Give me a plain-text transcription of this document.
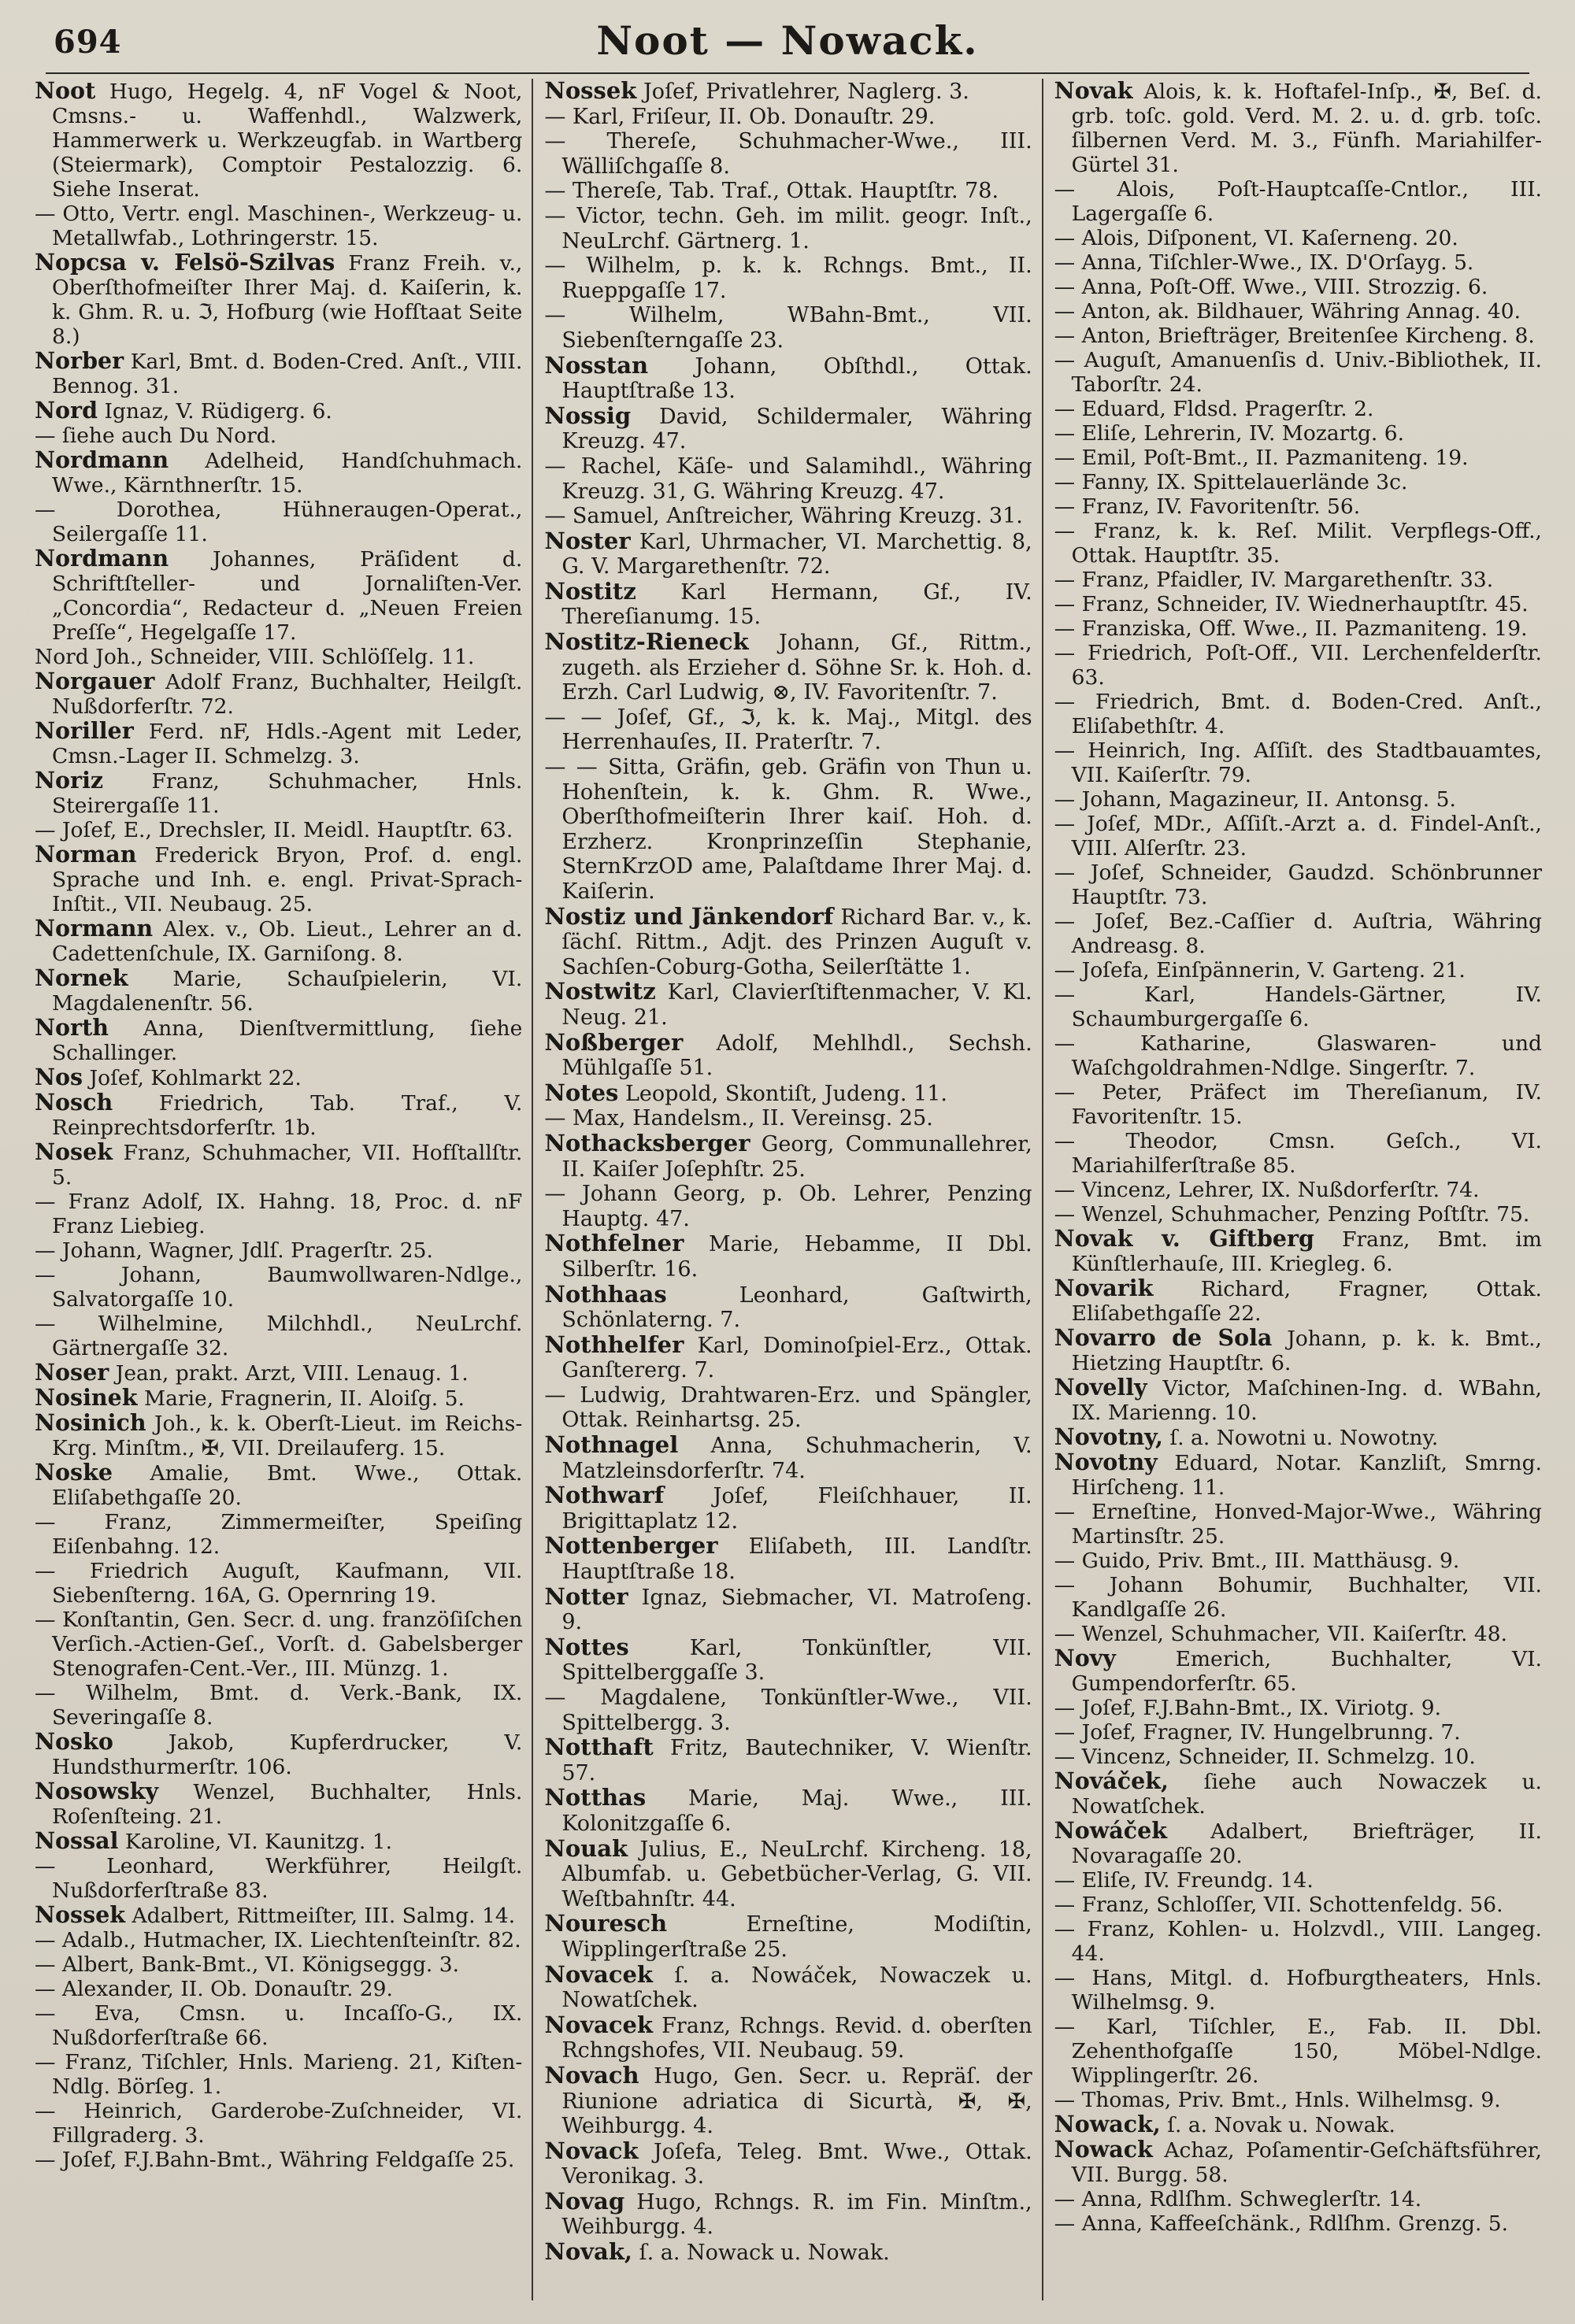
694	Noot — Nowack.

Noot Hugo, Hegelg. 4, nF Vogel & Noot, Cmsns.- u. Waffenhdl., Walzwerk, Hammerwerk u. Werkzeugfab. in Wartberg (Steiermark), Comptoir Pestalozzig. 6. Siehe Inserat.

— Otto, Vertr. engl. Maschinen-, Werkzeug- u. Metallwfab., Lothringerstr. 15.

Nopcsa v. Felsö-Szilvas Franz Freih. v., Oberſthofmeiſter Ihrer Maj. d. Kaiſerin, k. k. Ghm. R. u. ℑ, Hofburg (wie Hofſtaat Seite 8.)

Norber Karl, Bmt. d. Boden-Cred. Anſt., VIII. Bennog. 31.

Nord Ignaz, V. Rüdigerg. 6.

— ſiehe auch Du Nord.

Nordmann Adelheid, Handſchuhmach. Wwe., Kärnthnerſtr. 15.

— Dorothea, Hühneraugen-Operat., Seilergaſſe 11.

Nordmann Johannes, Präſident d. Schriftſteller- und Jornaliſten-Ver. „Concordia“, Redacteur d. „Neuen Freien Preſſe“, Hegelgaſſe 17.

Nord Joh., Schneider, VIII. Schlöſſelg. 11.

Norgauer Adolf Franz, Buchhalter, Heilgſt. Nußdorferſtr. 72.

Noriller Ferd. nF, Hdls.-Agent mit Leder, Cmsn.-Lager II. Schmelzg. 3.

Noriz Franz, Schuhmacher, Hnls. Steirergaſſe 11.

— Joſef, E., Drechsler, II. Meidl. Hauptſtr. 63.

Norman Frederick Bryon, Prof. d. engl. Sprache und Inh. e. engl. Privat-Sprach-Inſtit., VII. Neubaug. 25.

Normann Alex. v., Ob. Lieut., Lehrer an d. Cadettenſchule, IX. Garniſong. 8.

Nornek Marie, Schauſpielerin, VI. Magdalenenſtr. 56.

North Anna, Dienſtvermittlung, ſiehe Schallinger.

Nos Joſef, Kohlmarkt 22.

Nosch Friedrich, Tab. Traf., V. Reinprechtsdorferſtr. 1b.

Nosek Franz, Schuhmacher, VII. Hofſtallſtr. 5.

— Franz Adolf, IX. Hahng. 18, Proc. d. nF Franz Liebieg.

— Johann, Wagner, Jdlſ. Pragerſtr. 25.

— Johann, Baumwollwaren-Ndlge., Salvatorgaſſe 10.

— Wilhelmine, Milchhdl., NeuLrchf. Gärtnergaſſe 32.

Noser Jean, prakt. Arzt, VIII. Lenaug. 1.

Nosinek Marie, Fragnerin, II. Aloiſg. 5.

Nosinich Joh., k. k. Oberſt-Lieut. im Reichs-Krg. Minſtm., ✠, VII. Dreilauferg. 15.

Noske Amalie, Bmt. Wwe., Ottak. Eliſabethgaſſe 20.

— Franz, Zimmermeiſter, Speiſing Eiſenbahng. 12.

— Friedrich Auguſt, Kaufmann, VII. Siebenſterng. 16A, G. Opernring 19.

— Konſtantin, Gen. Secr. d. ung. franzöſiſchen Verſich.-Actien-Geſ., Vorſt. d. Gabelsberger Stenografen-Cent.-Ver., III. Münzg. 1.

— Wilhelm, Bmt. d. Verk.-Bank, IX. Severingaſſe 8.

Nosko	Jakob, Kupferdrucker, V. Hundsthurmerſtr. 106.

Nosowsky Wenzel, Buchhalter, Hnls. Roſenſteing. 21.

Nossal Karoline, VI. Kaunitzg. 1.

— Leonhard, Werkführer, Heilgſt. Nußdorferſtraße 83.

Nossek Adalbert, Rittmeiſter, III. Salmg. 14.

— Adalb., Hutmacher, IX. Liechtenſteinſtr. 82.

— Albert, Bank-Bmt., VI. Königseggg. 3.

— Alexander, II. Ob. Donauſtr. 29.

— Eva, Cmsn. u. Incaſſo-G., IX. Nußdorferſtraße 66.

— Franz, Tiſchler, Hnls. Marieng. 21, Kiſten-Ndlg. Börſeg. 1.

— Heinrich, Garderobe-Zuſchneider, VI. Fillgraderg. 3.

— Joſef, F.J.Bahn-Bmt., Währing Feldgaſſe 25.

Nossek Joſef, Privatlehrer, Naglerg. 3.

— Karl, Friſeur, II. Ob. Donauſtr. 29.

— Thereſe, Schuhmacher-Wwe., III. Wälliſchgaſſe 8.

— Thereſe, Tab. Traf., Ottak. Hauptſtr. 78.

— Victor, techn. Geh. im milit. geogr. Inſt., NeuLrchf. Gärtnerg. 1.

— Wilhelm, p. k. k. Rchngs. Bmt., II. Rueppgaſſe 17.

— Wilhelm, WBahn-Bmt., VII. Siebenſterngaſſe 23.

Nosstan Johann, Obſthdl., Ottak. Hauptſtraße 13.

Nossig David, Schildermaler, Währing Kreuzg. 47.

— Rachel, Käſe- und Salamihdl., Währing Kreuzg. 31, G. Währing Kreuzg. 47.

— Samuel, Anſtreicher, Währing Kreuzg. 31.

Noster Karl, Uhrmacher, VI. Marchettig. 8, G. V. Margarethenſtr. 72.

Nostitz Karl Hermann, Gf., IV. Thereſianumg. 15.

Nostitz-Rieneck Johann, Gf., Rittm., zugeth. als Erzieher d. Söhne Sr. k. Hoh. d. Erzh. Carl Ludwig, ⊗, IV. Favoritenſtr. 7.

— — Joſef, Gf., ℑ, k. k. Maj., Mitgl. des Herrenhauſes, II. Praterſtr. 7.

— — Sitta, Gräfin, geb. Gräfin von Thun u. Hohenſtein, k. k. Ghm. R. Wwe., Oberſthofmeiſterin Ihrer kaiſ. Hoh. d. Erzherz. Kronprinzeſſin Stephanie, SternKrzOD ame, Palaſtdame Ihrer Maj. d. Kaiſerin.

Nostiz und Jänkendorf Richard Bar. v., k. ſächſ. Rittm., Adjt. des Prinzen Auguſt v. Sachſen-Coburg-Gotha, Seilerſtätte 1.

Nostwitz Karl, Clavierſtiftenmacher, V. Kl. Neug. 21.

Noßberger Adolf, Mehlhdl., Sechsh. Mühlgaſſe 51.

Notes Leopold, Skontiſt, Judeng. 11.

— Max, Handelsm., II. Vereinsg. 25.

Nothacksberger Georg, Communallehrer, II. Kaiſer Joſephſtr. 25.

— Johann Georg, p. Ob. Lehrer, Penzing Hauptg. 47.

Nothfelner Marie, Hebamme, II Dbl. Silberſtr. 16.

Nothhaas	Leonhard, Gaſtwirth, Schönlaterng. 7.

Nothhelfer Karl, Dominoſpiel-Erz., Ottak. Ganſtererg. 7.

— Ludwig, Drahtwaren-Erz. und Spängler, Ottak. Reinhartsg. 25.

Nothnagel Anna, Schuhmacherin, V. Matzleinsdorferſtr. 74.

Nothwarf Joſef, Fleiſchhauer, II. Brigittaplatz 12.

Nottenberger Eliſabeth, III. Landſtr. Hauptſtraße 18.

Notter Ignaz, Siebmacher, VI. Matroſeng. 9.

Nottes	Karl, Tonkünſtler, VII. Spittelberggaſſe 3.

— Magdalene, Tonkünſtler-Wwe., VII. Spittelbergg. 3.

Notthaft Fritz, Bautechniker, V. Wienſtr. 57.

Notthas Marie, Maj. Wwe., III. Kolonitzgaſſe 6.

Nouak Julius, E., NeuLrchf. Kircheng. 18, Albumfab. u. Gebetbücher-Verlag, G. VII. Weſtbahnſtr. 44.

Nouresch	Erneſtine, Modiſtin, Wipplingerſtraße 25.

Novacek ſ. a. Nowáček, Nowaczek u. Nowatſchek.

Novacek Franz, Rchngs. Revid. d. oberſten Rchngshofes, VII. Neubaug. 59.

Novach Hugo, Gen. Secr. u. Repräſ. der Riunione adriatica di Sicurtà, ✠, ✠, Weihburgg. 4.

Novack Joſefa, Teleg. Bmt. Wwe., Ottak. Veronikag. 3.

Novag Hugo, Rchngs. R. im Fin. Minſtm., Weihburgg. 4.

Novak, ſ. a. Nowack u. Nowak.

Novak Alois, k. k. Hoftafel-Inſp., ✠, Beſ. d. grb. toſc. gold. Verd. M. 2. u. d. grb. toſc. ſilbernen Verd. M. 3., Fünfh. Mariahilfer-Gürtel 31.

— Alois, Poſt-Hauptcaſſe-Cntlor., III. Lagergaſſe 6.

— Alois, Diſponent, VI. Kaſerneng. 20.

— Anna, Tiſchler-Wwe., IX. D'Orſayg. 5.

— Anna, Poſt-Off. Wwe., VIII. Strozzig. 6.

— Anton, ak. Bildhauer, Währing Annag. 40.

— Anton, Briefträger, Breitenſee Kircheng. 8.

— Auguſt, Amanuenſis d. Univ.-Bibliothek, II. Taborſtr. 24.

— Eduard, Fldsd. Pragerſtr. 2.

— Eliſe, Lehrerin, IV. Mozartg. 6.

— Emil, Poſt-Bmt., II. Pazmaniteng. 19.

— Fanny, IX. Spittelauerlände 3c.

— Franz, IV. Favoritenſtr. 56.

— Franz, k. k. Reſ. Milit. Verpflegs-Off., Ottak. Hauptſtr. 35.

— Franz, Pfaidler, IV. Margarethenſtr. 33.

— Franz, Schneider, IV. Wiednerhauptſtr. 45.

— Franziska, Off. Wwe., II. Pazmaniteng. 19.

— Friedrich, Poſt-Off., VII. Lerchenfelderſtr. 63.

— Friedrich, Bmt. d. Boden-Cred. Anſt., Eliſabethſtr. 4.

— Heinrich, Ing. Aſſiſt. des Stadtbauamtes, VII. Kaiſerſtr. 79.

— Johann, Magazineur, II. Antonsg. 5.

— Joſef, MDr., Aſſiſt.-Arzt a. d. Findel-Anſt., VIII. Alſerſtr. 23.

— Joſef, Schneider, Gaudzd. Schönbrunner Hauptſtr. 73.

— Joſef, Bez.-Caſſier d. Auſtria, Währing Andreasg. 8.

— Joſefa, Einſpännerin, V. Garteng. 21.

— Karl, Handels-Gärtner, IV. Schaumburgergaſſe 6.

— Katharine, Glaswaren- und Waſchgoldrahmen-Ndlge. Singerſtr. 7.

— Peter, Präfect im Thereſianum, IV. Favoritenſtr. 15.

— Theodor, Cmsn. Geſch., VI. Mariahilferſtraße 85.

— Vincenz, Lehrer, IX. Nußdorferſtr. 74.

— Wenzel, Schuhmacher, Penzing Poſtſtr. 75.

Novak v. Giftberg Franz, Bmt. im Künſtlerhauſe, III. Kriegleg. 6.

Novarik Richard, Fragner, Ottak. Eliſabethgaſſe 22.

Novarro de Sola Johann, p. k. k. Bmt., Hietzing Hauptſtr. 6.

Novelly Victor, Maſchinen-Ing. d. WBahn, IX. Marienng. 10.

Novotny, ſ. a. Nowotni u. Nowotny.

Novotny Eduard, Notar. Kanzliſt, Smrng. Hirſcheng. 11.

— Erneſtine, Honved-Major-Wwe., Währing Martinsſtr. 25.

— Guido, Priv. Bmt., III. Matthäusg. 9.

— Johann Bohumir, Buchhalter, VII. Kandlgaſſe 26.

— Wenzel, Schuhmacher, VII. Kaiſerſtr. 48.

Novy	Emerich, Buchhalter, VI. Gumpendorferſtr. 65.

— Joſef, F.J.Bahn-Bmt., IX. Viriotg. 9.

— Joſef, Fragner, IV. Hungelbrunng. 7.

— Vincenz, Schneider, II. Schmelzg. 10.

Nováček, ſiehe auch Nowaczek u. Nowatſchek.

Nowáček Adalbert, Briefträger, II. Novaragaſſe 20.

— Eliſe, IV. Freundg. 14.

— Franz, Schloſſer, VII. Schottenfeldg. 56.

— Franz, Kohlen- u. Holzvdl., VIII. Langeg. 44.

— Hans, Mitgl. d. Hofburgtheaters, Hnls. Wilhelmsg. 9.

— Karl, Tiſchler, E., Fab. II. Dbl. Zehenthofgaſſe 150, Möbel-Ndlge. Wipplingerſtr. 26.

— Thomas, Priv. Bmt., Hnls. Wilhelmsg. 9.

Nowack, ſ. a. Novak u. Nowak.

Nowack Achaz, Poſamentir-Geſchäftsführer, VII. Burgg. 58.

— Anna, Rdlſhm. Schweglerſtr. 14.

— Anna, Kaffeeſchänk., Rdlſhm. Grenzg. 5.
